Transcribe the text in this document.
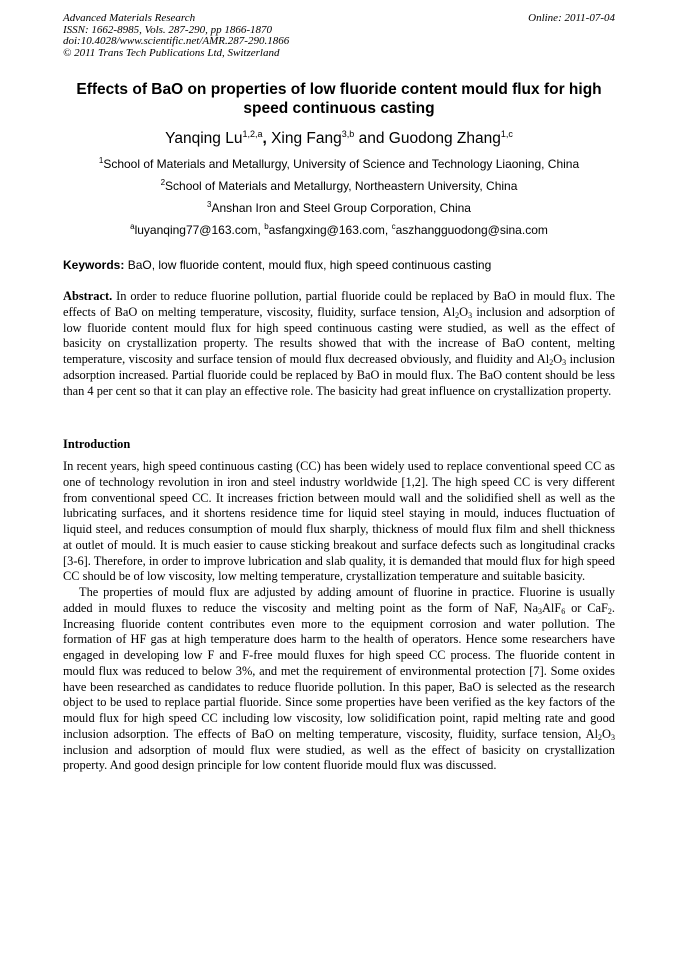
Advanced Materials Research
ISSN: 1662-8985, Vols. 287-290, pp 1866-1870
doi:10.4028/www.scientific.net/AMR.287-290.1866
© 2011 Trans Tech Publications Ltd, Switzerland
Online: 2011-07-04
Effects of BaO on properties of low fluoride content mould flux for high
speed continuous casting
Yanqing Lu$^{1,2,a}$, Xing Fang$^{3,b}$ and Guodong Zhang$^{1,c}$
$^1$School of Materials and Metallurgy, University of Science and Technology Liaoning, China
$^2$School of Materials and Metallurgy, Northeastern University, China
$^3$Anshan Iron and Steel Group Corporation, China
$^a$luyanqing77@163.com, $^b$asfangxing@163.com, $^c$aszhangguodong@sina.com
Keywords: BaO, low fluoride content, mould flux, high speed continuous casting
Abstract. In order to reduce fluorine pollution, partial fluoride could be replaced by BaO in mould flux. The effects of BaO on melting temperature, viscosity, fluidity, surface tension, $Al_2O_3$ inclusion and adsorption of low fluoride content mould flux for high speed continuous casting were studied, as well as the effect of basicity on crystallization property. The results showed that with the increase of BaO content, melting temperature, viscosity and surface tension of mould flux decreased obviously, and fluidity and $Al_2O_3$ inclusion adsorption increased. Partial fluoride could be replaced by BaO in mould flux. The BaO content should be less than 4 per cent so that it can play an effective role. The basicity had great influence on crystallization property.
Introduction

In recent years, high speed continuous casting (CC) has been widely used to replace conventional speed CC as one of technology revolution in iron and steel industry worldwide [1,2]. The high speed CC is very different from conventional speed CC. It increases friction between mould wall and the solidified shell as well as the lubricating surfaces, and it shortens residence time for liquid steel staying in mould, induces fluctuation of liquid steel, and reduces consumption of mould flux sharply, thickness of mould flux film and shell thickness at outlet of mould. It is much easier to cause sticking breakout and surface defects such as longitudinal cracks [3-6]. Therefore, in order to improve lubrication and slab quality, it is demanded that mould flux for high speed CC should be of low viscosity, low melting temperature, crystallization temperature and suitable basicity.

The properties of mould flux are adjusted by adding amount of fluorine in practice. Fluorine is usually added in mould fluxes to reduce the viscosity and melting point as the form of NaF, $Na_3AlF_6$ or CaF$_2$. Increasing fluoride content contributes even more to the equipment corrosion and water pollution. The formation of HF gas at high temperature does harm to the health of operators. Hence some researchers have engaged in developing low F and F-free mould fluxes for high speed CC process. The fluoride content in mould flux was reduced to below 3%, and met the requirement of environmental protection [7]. Some oxides have been researched as candidates to reduce fluoride pollution. In this paper, BaO is selected as the research object to be used to replace partial fluoride. Since some properties have been verified as the key factors of the mould flux for high speed CC including low viscosity, low solidification point, rapid melting rate and good inclusion adsorption. The effects of BaO on melting temperature, viscosity, fluidity, surface tension, $Al_2O_3$ inclusion and adsorption of mould flux were studied, as well as the effect of basicity on crystallization property. And good design principle for low content fluoride mould flux was discussed.
